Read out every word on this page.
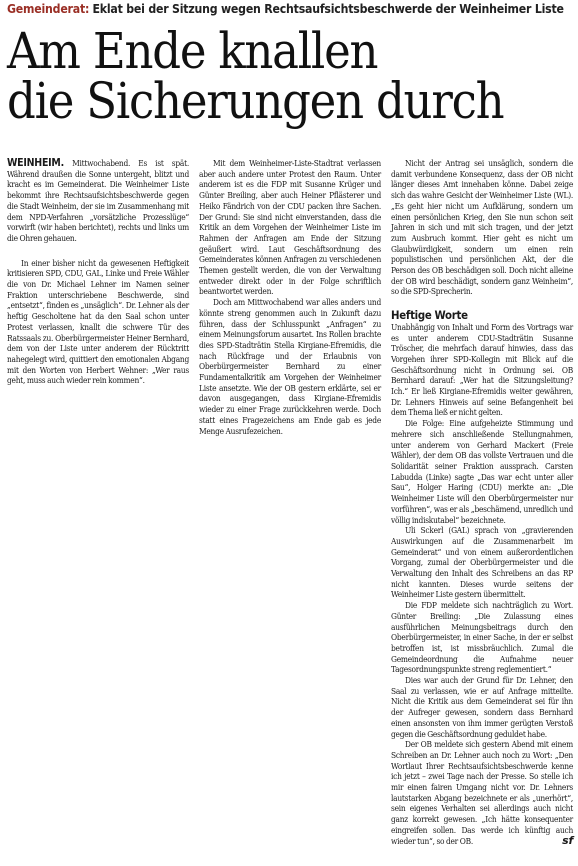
Gemeinderat: Eklat bei der Sitzung wegen Rechtsaufsichtsbeschwerde der Weinheimer Liste
Am Ende knallen
die Sicherungen durch

WEINHEIM. Mittwochabend. Es ist spät. Während draußen die Sonne untergeht, blitzt und kracht es im Gemeinderat. Die Weinheimer Liste bekommt ihre Rechtsaufsichtsbeschwerde gegen die Stadt Weinheim, der sie im Zusammenhang mit dem NPD-Verfahren „vorsätzliche Prozesslüge“ vorwirft (wir haben berichtet), rechts und links um die Ohren gehauen.

In einer bisher nicht da gewesenen Heftigkeit kritisieren SPD, CDU, GAL, Linke und Freie Wähler die von Dr. Michael Lehner im Namen seiner Fraktion unterschriebene Beschwerde, sind „entsetzt“, finden es „unsäglich“. Dr. Lehner als der heftig Gescholtene hat da den Saal schon unter Protest verlassen, knallt die schwere Tür des Ratssaals zu. Oberbürgermeister Heiner Bernhard, dem von der Liste unter anderem der Rücktritt nahegelegt wird, quittiert den emotionalen Abgang mit den Worten von Herbert Wehner: „Wer raus geht, muss auch wieder rein kommen“.

Mit dem Weinheimer-Liste-Stadtrat verlassen aber auch andere unter Protest den Raum. Unter anderem ist es die FDP mit Susanne Krüger und Günter Breiling, aber auch Heiner Pflästerer und Heiko Fändrich von der CDU packen ihre Sachen. Der Grund: Sie sind nicht einverstanden, dass die Kritik an dem Vorgehen der Weinheimer Liste im Rahmen der Anfragen am Ende der Sitzung geäußert wird. Laut Geschäftsordnung des Gemeinderates können Anfragen zu verschiedenen Themen gestellt werden, die von der Verwaltung entweder direkt oder in der Folge schriftlich beantwortet werden.

Doch am Mittwochabend war alles anders und könnte streng genommen auch in Zukunft dazu führen, dass der Schlusspunkt „Anfragen“ zu einem Meinungsforum ausartet. Ins Rollen brachte dies SPD-Stadträtin Stella Kirgiane-Efremidis, die nach Rückfrage und der Erlaubnis von Oberbürgermeister Bernhard zu einer Fundamentalkritik am Vorgehen der Weinheimer Liste ansetzte. Wie der OB gestern erklärte, sei er davon ausgegangen, dass Kirgiane-Efremidis wieder zu einer Frage zurückkehren werde. Doch statt eines Fragezeichens am Ende gab es jede Menge Ausrufezeichen.

Nicht der Antrag sei unsäglich, sondern die damit verbundene Konsequenz, dass der OB nicht länger dieses Amt innehaben könne. Dabei zeige sich das wahre Gesicht der Weinheimer Liste (WL). „Es geht hier nicht um Aufklärung, sondern um einen persönlichen Krieg, den Sie nun schon seit Jahren in sich und mit sich tragen, und der jetzt zum Ausbruch kommt. Hier geht es nicht um Glaubwürdigkeit, sondern um einen rein populistischen und persönlichen Akt, der die Person des OB beschädigen soll. Doch nicht alleine der OB wird beschädigt, sondern ganz Weinheim“, so die SPD-Sprecherin.

Heftige Worte

Unabhängig von Inhalt und Form des Vortrags war es unter anderem CDU-Stadträtin Susanne Tröscher, die mehrfach darauf hinwies, dass das Vorgehen ihrer SPD-Kollegin mit Blick auf die Geschäftsordnung nicht in Ordnung sei. OB Bernhard darauf: „Wer hat die Sitzungsleitung? Ich.“ Er ließ Kirgiane-Efremidis weiter gewähren, Dr. Lehners Hinweis auf seine Befangenheit bei dem Thema ließ er nicht gelten.

Die Folge: Eine aufgeheizte Stimmung und mehrere sich anschließende Stellungnahmen, unter anderem von Gerhard Mackert (Freie Wähler), der dem OB das vollste Vertrauen und die Solidarität seiner Fraktion aussprach. Carsten Labudda (Linke) sagte „Das war echt unter aller Sau“, Holger Haring (CDU) merkte an: „Die Weinheimer Liste will den Oberbürgermeister nur vorführen“, was er als „beschämend, unredlich und völlig indiskutabel“ bezeichnete.

Uli Sckerl (GAL) sprach von „gravierenden Auswirkungen auf die Zusammenarbeit im Gemeinderat“ und von einem außerordentlichen Vorgang, zumal der Oberbürgermeister und die Verwaltung den Inhalt des Schreibens an das RP nicht kannten. Dieses wurde seitens der Weinheimer Liste gestern übermittelt.

Die FDP meldete sich nachträglich zu Wort. Günter Breiling: „Die Zulassung eines ausführlichen Meinungsbeitrags durch den Oberbürgermeister, in einer Sache, in der er selbst betroffen ist, ist missbräuchlich. Zumal die Gemeindeordnung die Aufnahme neuer Tagesordnungspunkte streng reglementiert.“

Dies war auch der Grund für Dr. Lehner, den Saal zu verlassen, wie er auf Anfrage mitteilte. Nicht die Kritik aus dem Gemeinderat sei für ihn der Aufreger gewesen, sondern dass Bernhard einen ansonsten von ihm immer gerügten Verstoß gegen die Geschäftsordnung geduldet habe.

Der OB meldete sich gestern Abend mit einem Schreiben an Dr. Lehner auch noch zu Wort: „Den Wortlaut Ihrer Rechtsaufsichtsbeschwerde kenne ich jetzt – zwei Tage nach der Presse. So stelle ich mir einen fairen Umgang nicht vor. Dr. Lehners lautstarken Abgang bezeichnete er als „unerhört“, sein eigenes Verhalten sei allerdings auch nicht ganz korrekt gewesen. „Ich hätte konsequenter eingreifen sollen. Das werde ich künftig auch wieder tun“, so der OB.	sf
